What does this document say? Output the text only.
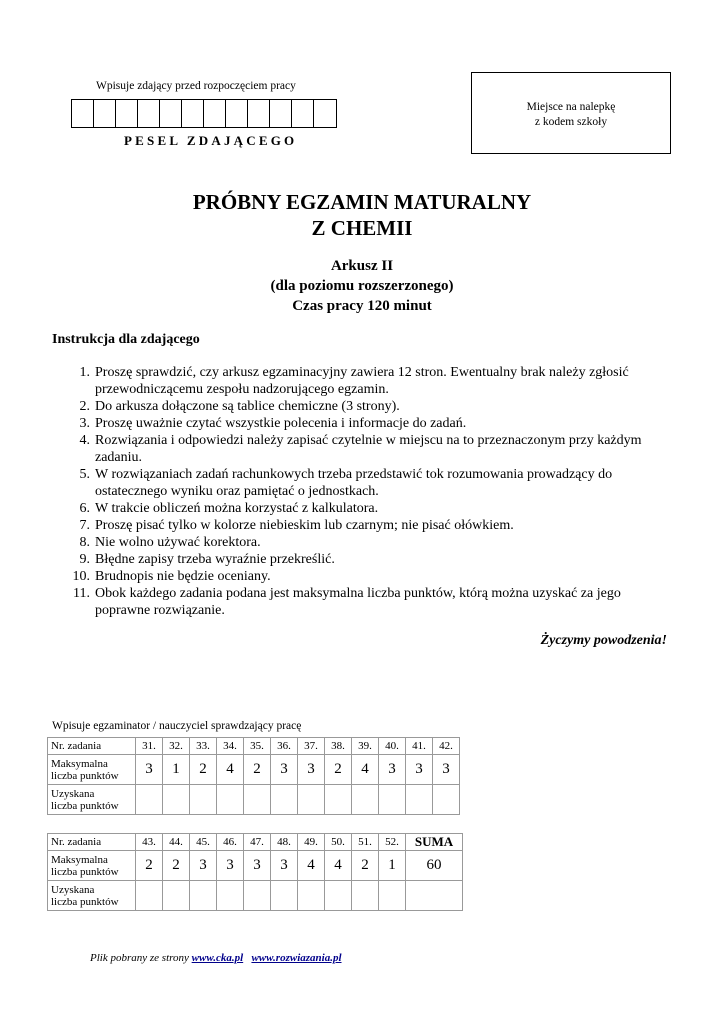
Wpisuje zdający przed rozpoczęciem pracy
PESEL ZDAJĄCEGO
Miejsce na nalepkę
z kodem szkoły
PRÓBNY EGZAMIN MATURALNY
Z CHEMII
Arkusz II
(dla poziomu rozszerzonego)
Czas pracy 120 minut
Instrukcja dla zdającego
1. Proszę sprawdzić, czy arkusz egzaminacyjny zawiera 12 stron. Ewentualny brak należy zgłosić przewodniczącemu zespołu nadzorującego egzamin.
2. Do arkusza dołączone są tablice chemiczne (3 strony).
3. Proszę uważnie czytać wszystkie polecenia i informacje do zadań.
4. Rozwiązania i odpowiedzi należy zapisać czytelnie w miejscu na to przeznaczonym przy każdym zadaniu.
5. W rozwiązaniach zadań rachunkowych trzeba przedstawić tok rozumowania prowadzący do ostatecznego wyniku oraz pamiętać o jednostkach.
6. W trakcie obliczeń można korzystać z kalkulatora.
7. Proszę pisać tylko w kolorze niebieskim lub czarnym; nie pisać ołówkiem.
8. Nie wolno używać korektora.
9. Błędne zapisy trzeba wyraźnie przekreślić.
10. Brudnopis nie będzie oceniany.
11. Obok każdego zadania podana jest maksymalna liczba punktów, którą można uzyskać za jego poprawne rozwiązanie.
Życzymy powodzenia!
Wpisuje egzaminator / nauczyciel sprawdzający pracę
Nr. zadania	31.	32.	33.	34.	35.	36.	37.	38.	39.	40.	41.	42.
Maksymalna
liczba punktów	3	1	2	4	2	3	3	2	4	3	3	3
Uzyskana
liczba punktów												
Nr. zadania	43.	44.	45.	46.	47.	48.	49.	50.	51.	52.	SUMA
Maksymalna
liczba punktów	2	2	3	3	3	3	4	4	2	1	60
Uzyskana
liczba punktów											
Plik pobrany ze strony www.cka.pl www.rozwiazania.pl
